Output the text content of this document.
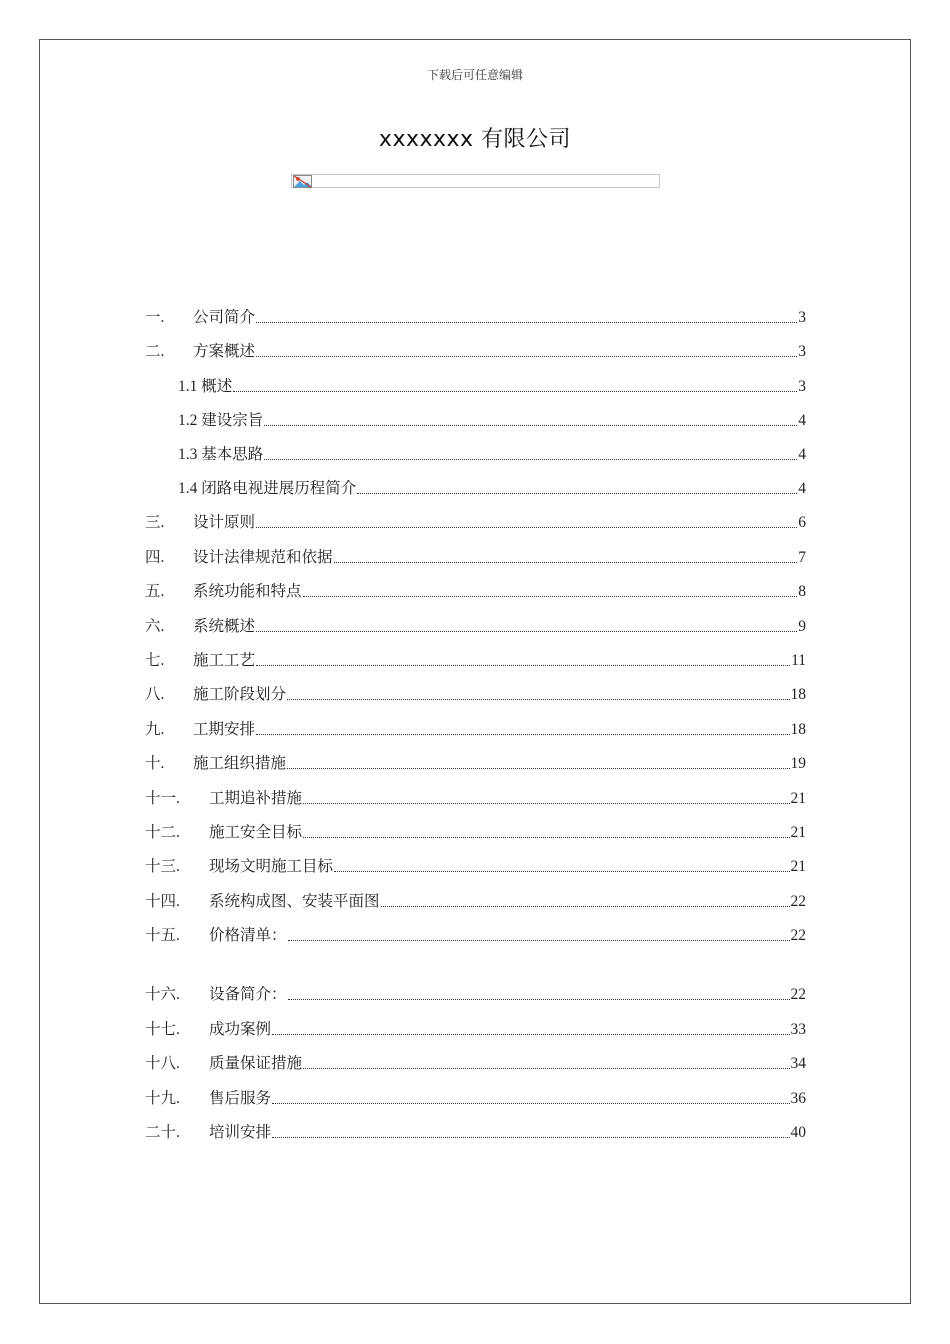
下载后可任意编辑
xxxxxxx 有限公司
一.	公司简介	3
二.	方案概述	3
1.1 概述	3
1.2 建设宗旨	4
1.3 基本思路	4
1.4 闭路电视进展历程简介	4
三.	设计原则	6
四.	设计法律规范和依据	7
五.	系统功能和特点	8
六.	系统概述	9
七.	施工工艺	11
八.	施工阶段划分	18
九.	工期安排	18
十.	施工组织措施	19
十一.	工期追补措施	21
十二.	施工安全目标	21
十三.	现场文明施工目标	21
十四.	系统构成图、安装平面图	22
十五.	价格清单：	22
十六.	设备简介：	22
十七.	成功案例	33
十八.	质量保证措施	34
十九.	售后服务	36
二十.	培训安排	40
